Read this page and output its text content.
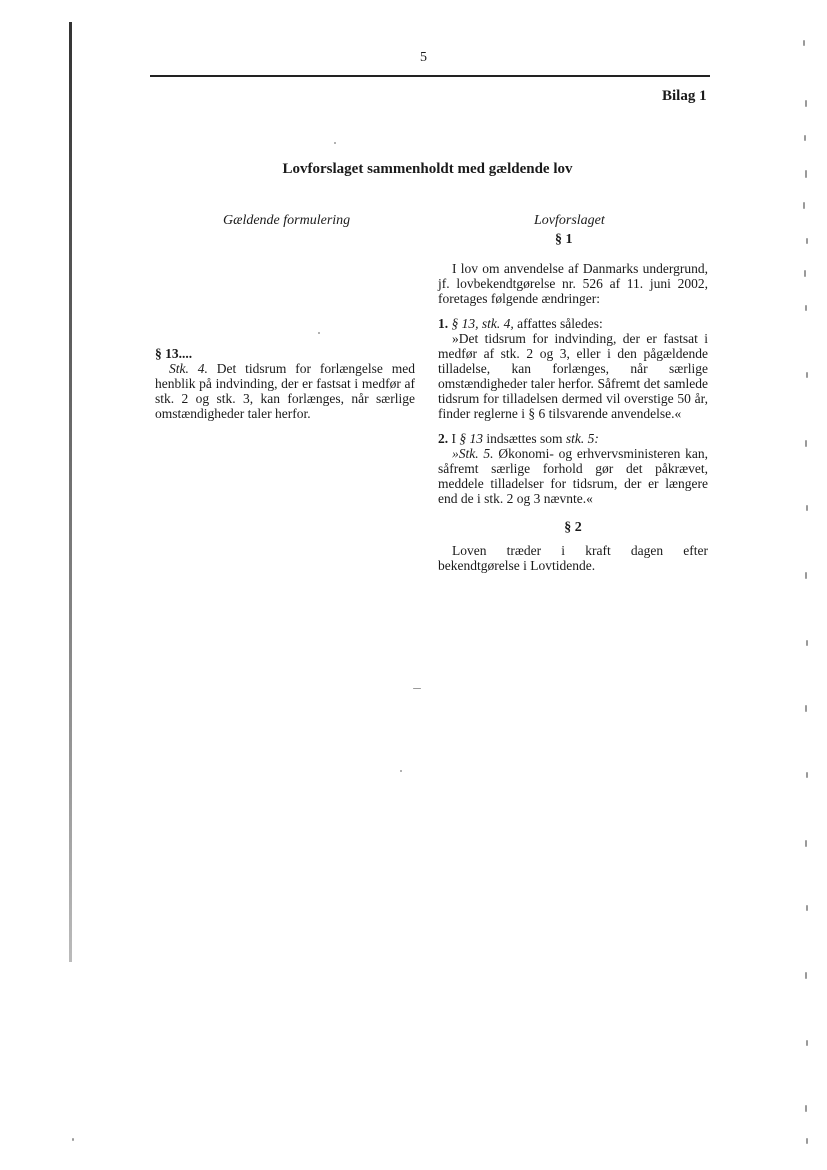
5
Bilag 1
Lovforslaget sammenholdt med gældende lov
Gældende formulering	Lovforslaget
§ 1

§ 13....

Stk. 4. Det tidsrum for forlængelse med henblik på indvinding, der er fastsat i medfør af stk. 2 og stk. 3, kan forlænges, når særlige omstændigheder taler herfor.

I lov om anvendelse af Danmarks undergrund, jf. lovbekendtgørelse nr. 526 af 11. juni 2002, foretages følgende ændringer:

1. § 13, stk. 4, affattes således:

»Det tidsrum for indvinding, der er fastsat i medfør af stk. 2 og 3, eller i den pågældende tilladelse, kan forlænges, når særlige omstændigheder taler herfor. Såfremt det samlede tidsrum for tilladelsen dermed vil overstige 50 år, finder reglerne i § 6 tilsvarende anvendelse.«

2. I § 13 indsættes som stk. 5:

»Stk. 5. Økonomi- og erhvervsministeren kan, såfremt særlige forhold gør det påkrævet, meddele tilladelser for tidsrum, der er længere end de i stk. 2 og 3 nævnte.«

§ 2

Loven træder i kraft dagen efter bekendtgørelse i Lovtidende.
